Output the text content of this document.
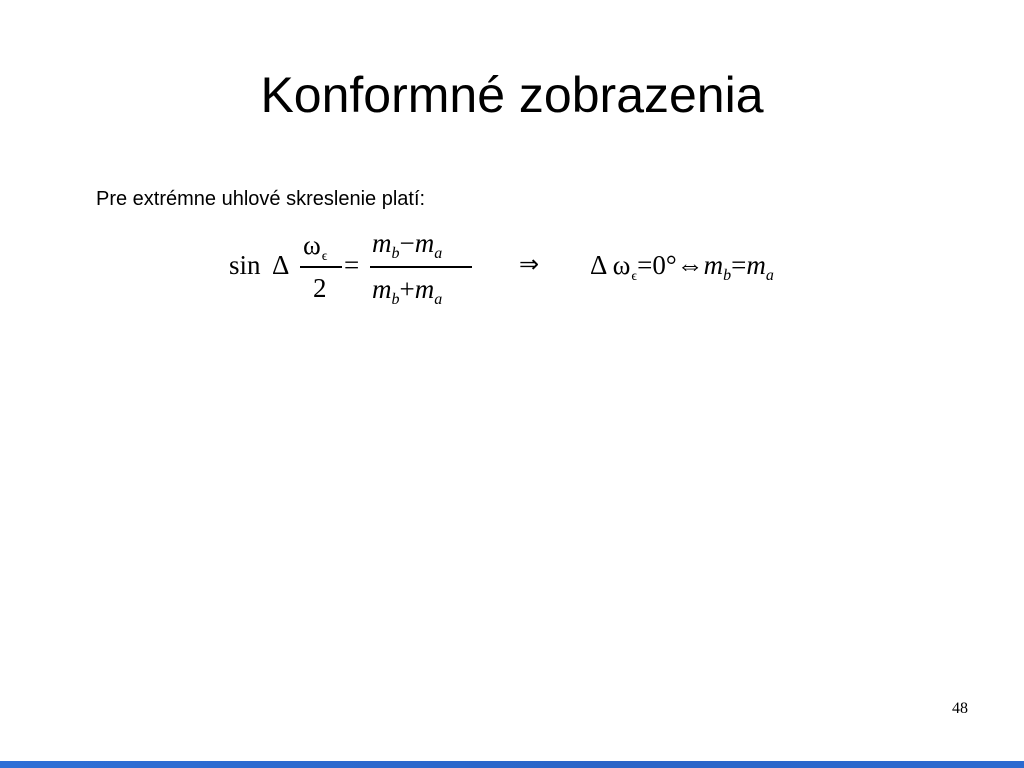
Konformné zobrazenia
Pre extrémne uhlové skreslenie platí:
sin Δ
$\omega_\epsilon$
2
=
$m_b-m_a$
$m_b+m_a$
⇒ Δ $\omega_\epsilon=0^\circ\Leftrightarrow m_b=m_a$
48
